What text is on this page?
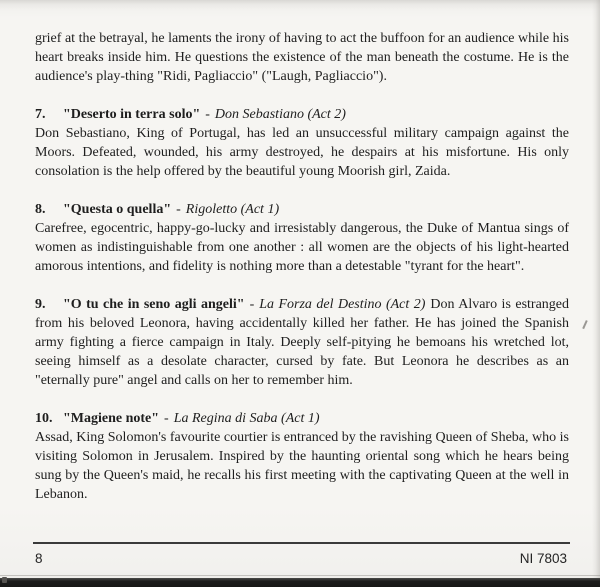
grief at the betrayal, he laments the irony of having to act the buffoon for an audience while his heart breaks inside him. He questions the existence of the man beneath the costume. He is the audience's play-thing "Ridi, Pagliaccio" ("Laugh, Pagliaccio").

7. "Deserto in terra solo" - Don Sebastiano (Act 2)

Don Sebastiano, King of Portugal, has led an unsuccessful military campaign against the Moors. Defeated, wounded, his army destroyed, he despairs at his misfortune. His only consolation is the help offered by the beautiful young Moorish girl, Zaida.

8. "Questa o quella" - Rigoletto (Act 1)

Carefree, egocentric, happy-go-lucky and irresistably dangerous, the Duke of Mantua sings of women as indistinguishable from one another : all women are the objects of his light-hearted amorous intentions, and fidelity is nothing more than a detestable "tyrant for the heart".

9. "O tu che in seno agli angeli" - La Forza del Destino (Act 2) Don Alvaro is estranged from his beloved Leonora, having accidentally killed her father. He has joined the Spanish army fighting a fierce campaign in Italy. Deeply self-pitying he bemoans his wretched lot, seeing himself as a desolate character, cursed by fate. But Leonora he describes as an "eternally pure" angel and calls on her to remember him.

10. "Magiene note" - La Regina di Saba (Act 1)

Assad, King Solomon's favourite courtier is entranced by the ravishing Queen of Sheba, who is visiting Solomon in Jerusalem. Inspired by the haunting oriental song which he hears being sung by the Queen's maid, he recalls his first meeting with the captivating Queen at the well in Lebanon.

8	NI 7803
